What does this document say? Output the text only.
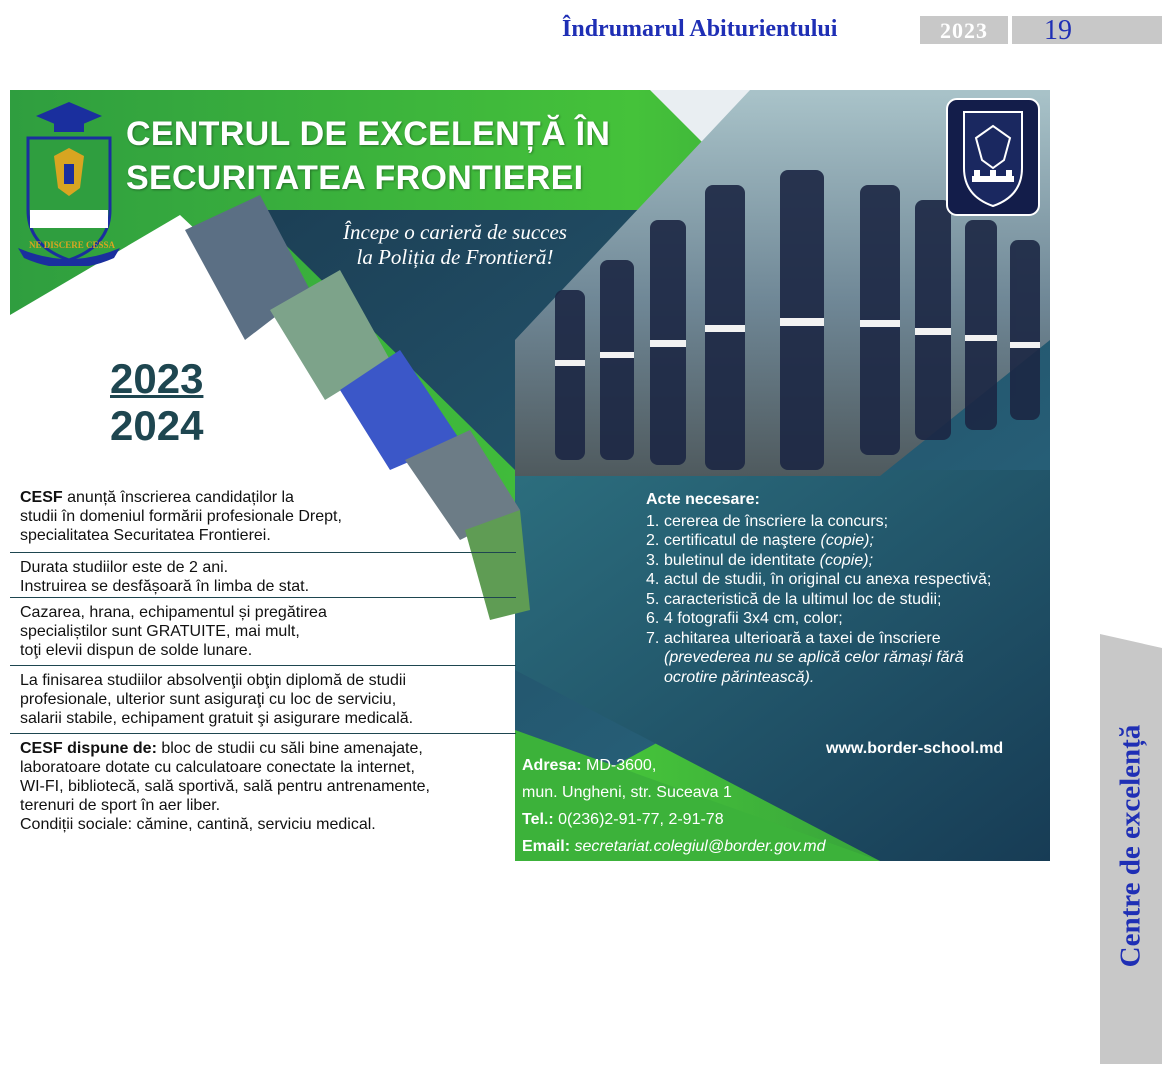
Îndrumarul Abiturientului	2023	19
Centre de excelență
NE DISCERE CESSA
CENTRUL DE EXCELENȚĂ ÎN
SECURITATEA FRONTIEREI
Începe o carieră de succes
la Poliția de Frontieră!
2023
2024
CESF anunță înscrierea candidaților la
studii în domeniul formării profesionale Drept,
specialitatea Securitatea Frontierei.
Durata studiilor este de 2 ani.
Instruirea se desfășoară în limba de stat.
Cazarea, hrana, echipamentul și pregătirea
specialiștilor sunt GRATUITE, mai mult,
toţi elevii dispun de solde lunare.
La finisarea studiilor absolvenţii obţin diplomă de studii
profesionale, ulterior sunt asiguraţi cu loc de serviciu,
salarii stabile, echipament gratuit şi asigurare medicală.
CESF dispune de: bloc de studii cu săli bine amenajate,
laboratoare dotate cu calculatoare conectate la internet,
WI-FI, bibliotecă, sală sportivă, sală pentru antrenamente,
terenuri de sport în aer liber.
Condiții sociale: cămine, cantină, serviciu medical.
Acte necesare:
1. cererea de înscriere la concurs;
2. certificatul de naştere (copie);
3. buletinul de identitate (copie);
4. actul de studii, în original cu anexa respectivă;
5. caracteristică de la ultimul loc de studii;
6. 4 fotografii 3x4 cm, color;
7. achitarea ulterioară a taxei de înscriere
(prevederea nu se aplică celor rămași fără
ocrotire părintească).
www.border-school.md
Adresa: MD-3600,
mun. Ungheni, str. Suceava 1
Tel.: 0(236)2-91-77, 2-91-78
Email: secretariat.colegiul@border.gov.md
